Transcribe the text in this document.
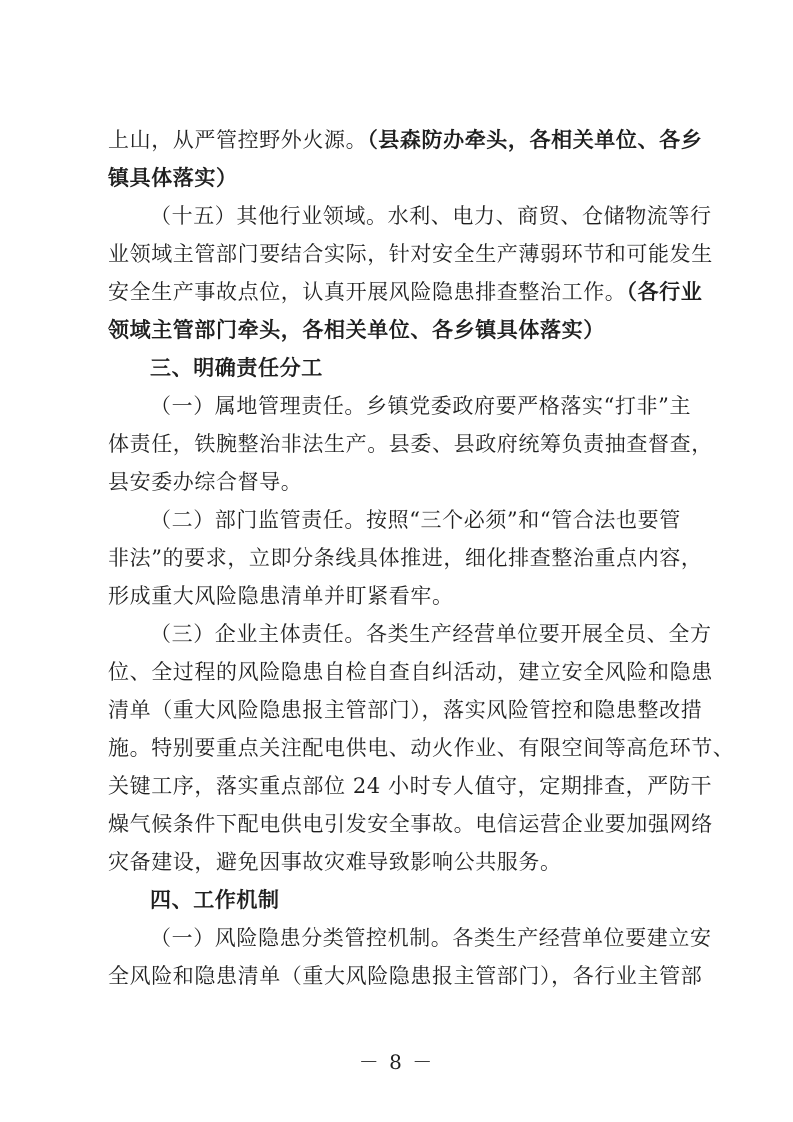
上山，从严管控野外火源。（县森防办牵头，各相关单位、各乡
镇具体落实）
（十五）其他行业领域。水利、电力、商贸、仓储物流等行
业领域主管部门要结合实际，针对安全生产薄弱环节和可能发生
安全生产事故点位，认真开展风险隐患排查整治工作。（各行业
领域主管部门牵头，各相关单位、各乡镇具体落实）
三、明确责任分工
（一）属地管理责任。乡镇党委政府要严格落实“打非”主
体责任，铁腕整治非法生产。县委、县政府统筹负责抽查督查，
县安委办综合督导。
（二）部门监管责任。按照“三个必须”和“管合法也要管
非法”的要求，立即分条线具体推进，细化排查整治重点内容，
形成重大风险隐患清单并盯紧看牢。
（三）企业主体责任。各类生产经营单位要开展全员、全方
位、全过程的风险隐患自检自查自纠活动，建立安全风险和隐患
清单（重大风险隐患报主管部门），落实风险管控和隐患整改措
施。特别要重点关注配电供电、动火作业、有限空间等高危环节、
关键工序，落实重点部位 24 小时专人值守，定期排查，严防干
燥气候条件下配电供电引发安全事故。电信运营企业要加强网络
灾备建设，避免因事故灾难导致影响公共服务。
四、工作机制
（一）风险隐患分类管控机制。各类生产经营单位要建立安
全风险和隐患清单（重大风险隐患报主管部门），各行业主管部
－ 8 －
